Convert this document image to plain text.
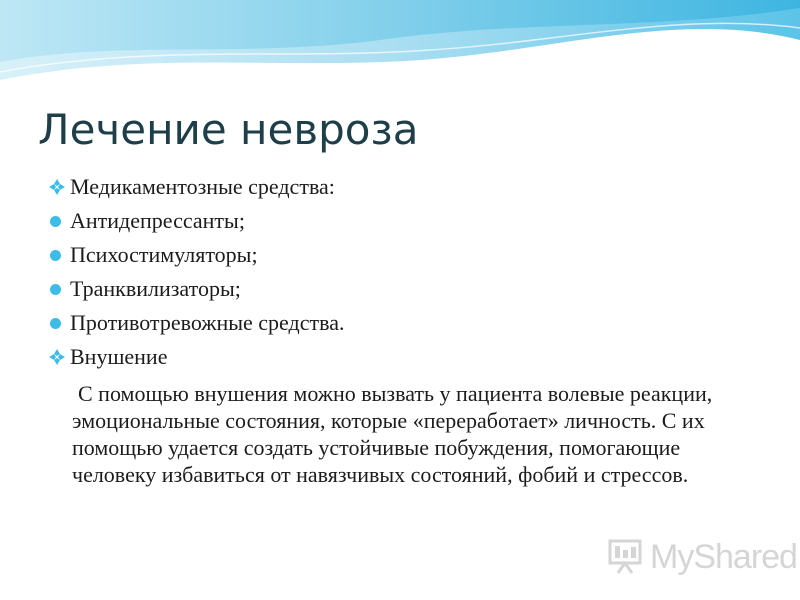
Лечение невроза
Медикаментозные средства:
Антидепрессанты;
Психостимуляторы;
Транквилизаторы;
Противотревожные средства.
Внушение

С помощью внушения можно вызвать у пациента волевые реакции, эмоциональные состояния, которые «переработает» личность. С их помощью удается создать устойчивые побуждения, помогающие человеку избавиться от навязчивых состояний, фобий и стрессов.

MyShared
